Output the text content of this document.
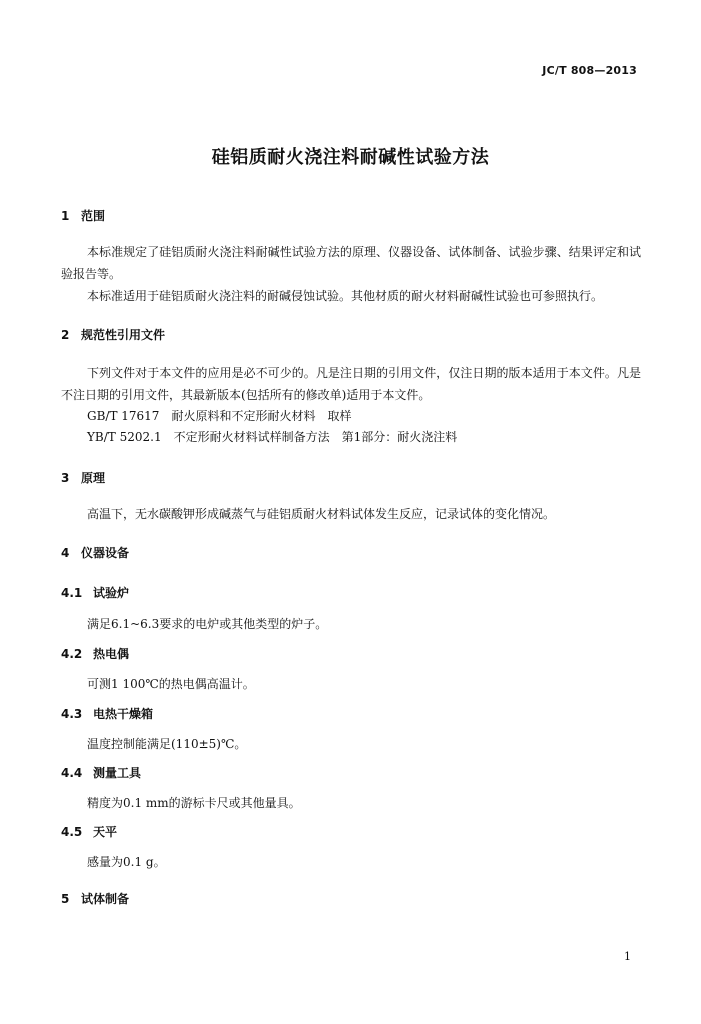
JC/T 808—2013
硅铝质耐火浇注料耐碱性试验方法
1 范围

本标准规定了硅铝质耐火浇注料耐碱性试验方法的原理、仪器设备、试体制备、试验步骤、结果评定和试验报告等。

本标准适用于硅铝质耐火浇注料的耐碱侵蚀试验。其他材质的耐火材料耐碱性试验也可参照执行。

2 规范性引用文件

下列文件对于本文件的应用是必不可少的。凡是注日期的引用文件，仅注日期的版本适用于本文件。凡是不注日期的引用文件，其最新版本(包括所有的修改单)适用于本文件。

GB/T 17617　耐火原料和不定形耐火材料　取样
YB/T 5202.1　不定形耐火材料试样制备方法　第1部分：耐火浇注料
3 原理

高温下，无水碳酸钾形成碱蒸气与硅铝质耐火材料试体发生反应，记录试体的变化情况。

4 仪器设备
4.1 试验炉

满足6.1~6.3要求的电炉或其他类型的炉子。

4.2 热电偶

可测1 100℃的热电偶高温计。

4.3 电热干燥箱

温度控制能满足(110±5)℃。

4.4 测量工具

精度为0.1 mm的游标卡尺或其他量具。

4.5 天平

感量为0.1 g。

5 试体制备
1
